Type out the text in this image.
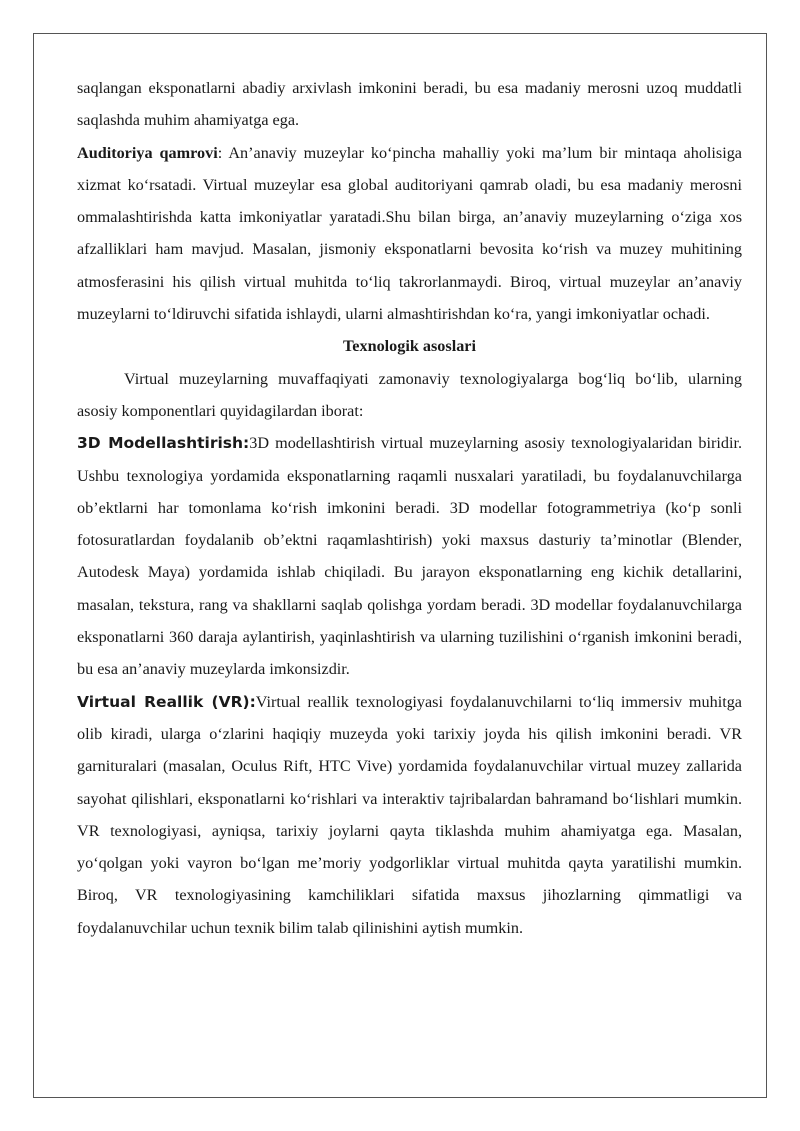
saqlangan eksponatlarni abadiy arxivlash imkonini beradi, bu esa madaniy merosni uzoq muddatli saqlashda muhim ahamiyatga ega.

Auditoriya qamrovi: An’anaviy muzeylar ko‘pincha mahalliy yoki ma’lum bir mintaqa aholisiga xizmat ko‘rsatadi. Virtual muzeylar esa global auditoriyani qamrab oladi, bu esa madaniy merosni ommalashtirishda katta imkoniyatlar yaratadi.Shu bilan birga, an’anaviy muzeylarning o‘ziga xos afzalliklari ham mavjud. Masalan, jismoniy eksponatlarni bevosita ko‘rish va muzey muhitining atmosferasini his qilish virtual muhitda to‘liq takrorlanmaydi. Biroq, virtual muzeylar an’anaviy muzeylarni to‘ldiruvchi sifatida ishlaydi, ularni almashtirishdan ko‘ra, yangi imkoniyatlar ochadi.

Texnologik asoslari

Virtual muzeylarning muvaffaqiyati zamonaviy texnologiyalarga bog‘liq bo‘lib, ularning asosiy komponentlari quyidagilardan iborat:

3D Modellashtirish:3D modellashtirish virtual muzeylarning asosiy texnologiyalaridan biridir. Ushbu texnologiya yordamida eksponatlarning raqamli nusxalari yaratiladi, bu foydalanuvchilarga ob’ektlarni har tomonlama ko‘rish imkonini beradi. 3D modellar fotogrammetriya (ko‘p sonli fotosuratlardan foydalanib ob’ektni raqamlashtirish) yoki maxsus dasturiy ta’minotlar (Blender, Autodesk Maya) yordamida ishlab chiqiladi. Bu jarayon eksponatlarning eng kichik detallarini, masalan, tekstura, rang va shakllarni saqlab qolishga yordam beradi. 3D modellar foydalanuvchilarga eksponatlarni 360 daraja aylantirish, yaqinlashtirish va ularning tuzilishini o‘rganish imkonini beradi, bu esa an’anaviy muzeylarda imkonsizdir.

Virtual Reallik (VR):Virtual reallik texnologiyasi foydalanuvchilarni to‘liq immersiv muhitga olib kiradi, ularga o‘zlarini haqiqiy muzeyda yoki tarixiy joyda his qilish imkonini beradi. VR garnituralari (masalan, Oculus Rift, HTC Vive) yordamida foydalanuvchilar virtual muzey zallarida sayohat qilishlari, eksponatlarni ko‘rishlari va interaktiv tajribalardan bahramand bo‘lishlari mumkin. VR texnologiyasi, ayniqsa, tarixiy joylarni qayta tiklashda muhim ahamiyatga ega. Masalan, yo‘qolgan yoki vayron bo‘lgan me’moriy yodgorliklar virtual muhitda qayta yaratilishi mumkin. Biroq, VR texnologiyasining kamchiliklari sifatida maxsus jihozlarning qimmatligi va foydalanuvchilar uchun texnik bilim talab qilinishini aytish mumkin.
